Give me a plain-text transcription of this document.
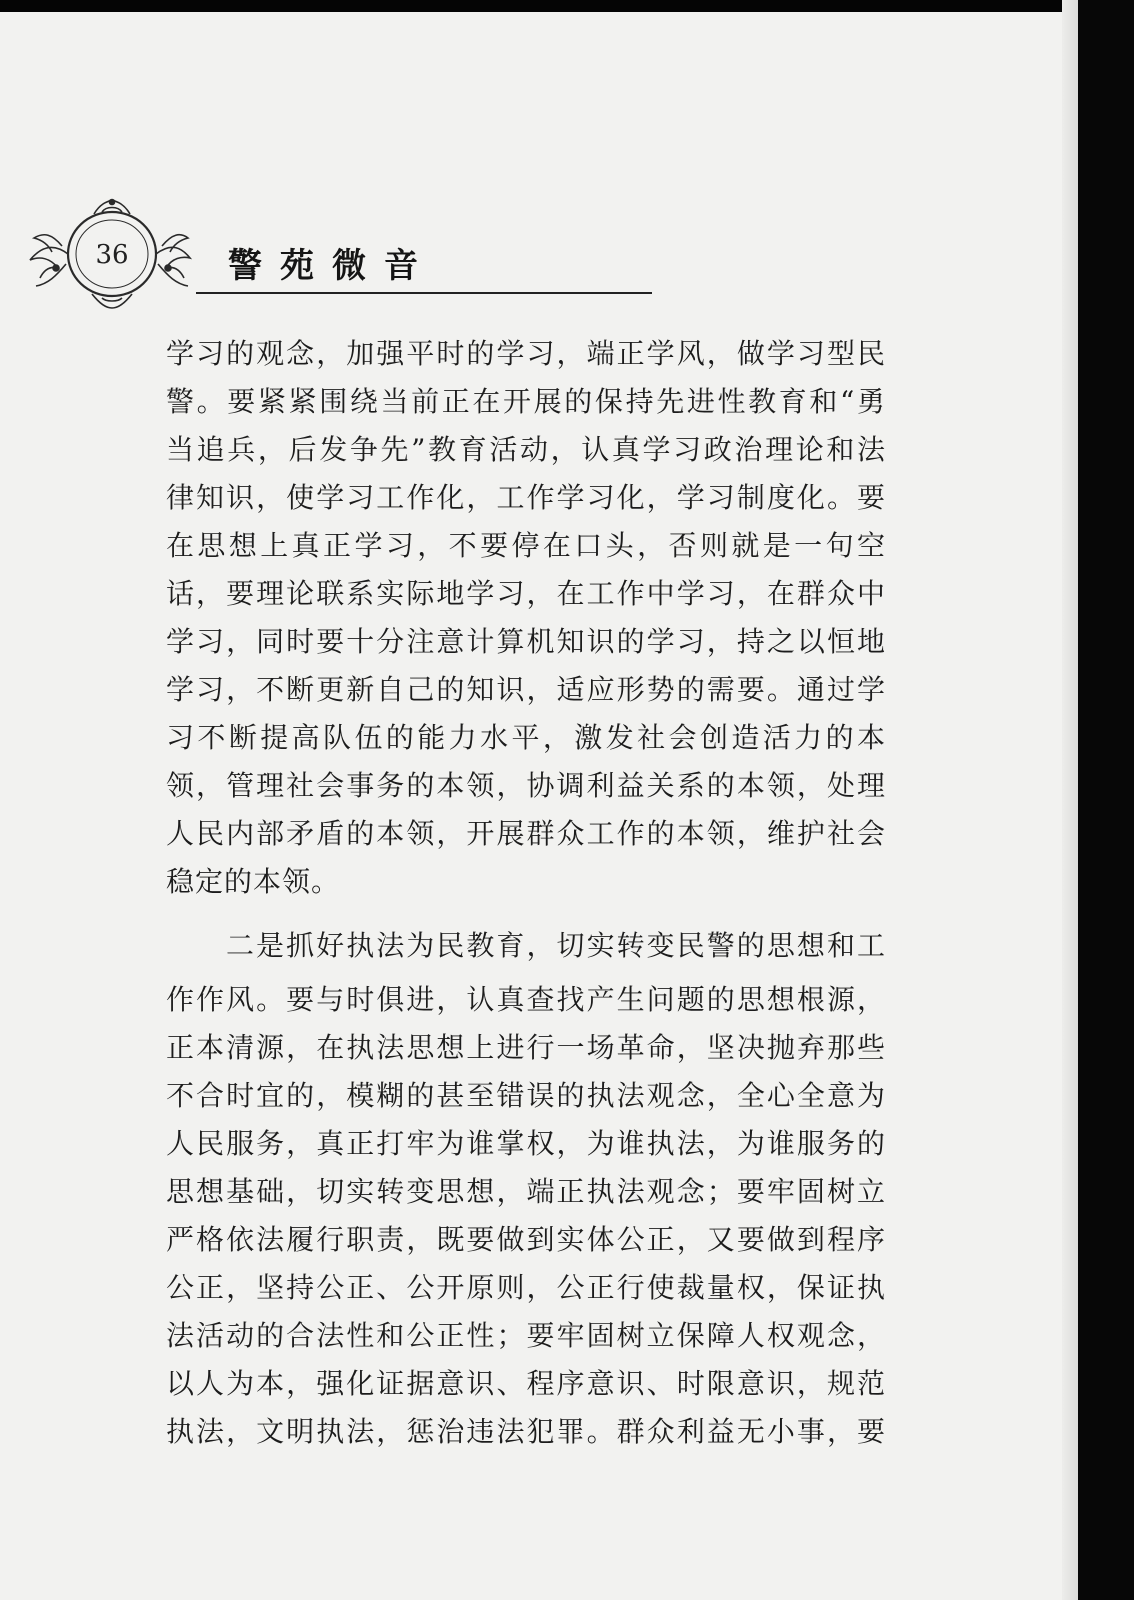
36	警苑微音
学习的观念，加强平时的学习，端正学风，做学习型民
警。要紧紧围绕当前正在开展的保持先进性教育和“勇
当追兵，后发争先”教育活动，认真学习政治理论和法
律知识，使学习工作化，工作学习化，学习制度化。要
在思想上真正学习，不要停在口头，否则就是一句空
话，要理论联系实际地学习，在工作中学习，在群众中
学习，同时要十分注意计算机知识的学习，持之以恒地
学习，不断更新自己的知识，适应形势的需要。通过学
习不断提高队伍的能力水平，激发社会创造活力的本
领，管理社会事务的本领，协调利益关系的本领，处理
人民内部矛盾的本领，开展群众工作的本领，维护社会
稳定的本领。
二是抓好执法为民教育，切实转变民警的思想和工
作作风。要与时俱进，认真查找产生问题的思想根源，
正本清源，在执法思想上进行一场革命，坚决抛弃那些
不合时宜的，模糊的甚至错误的执法观念，全心全意为
人民服务，真正打牢为谁掌权，为谁执法，为谁服务的
思想基础，切实转变思想，端正执法观念；要牢固树立
严格依法履行职责，既要做到实体公正，又要做到程序
公正，坚持公正、公开原则，公正行使裁量权，保证执
法活动的合法性和公正性；要牢固树立保障人权观念，
以人为本，强化证据意识、程序意识、时限意识，规范
执法，文明执法，惩治违法犯罪。群众利益无小事，要
